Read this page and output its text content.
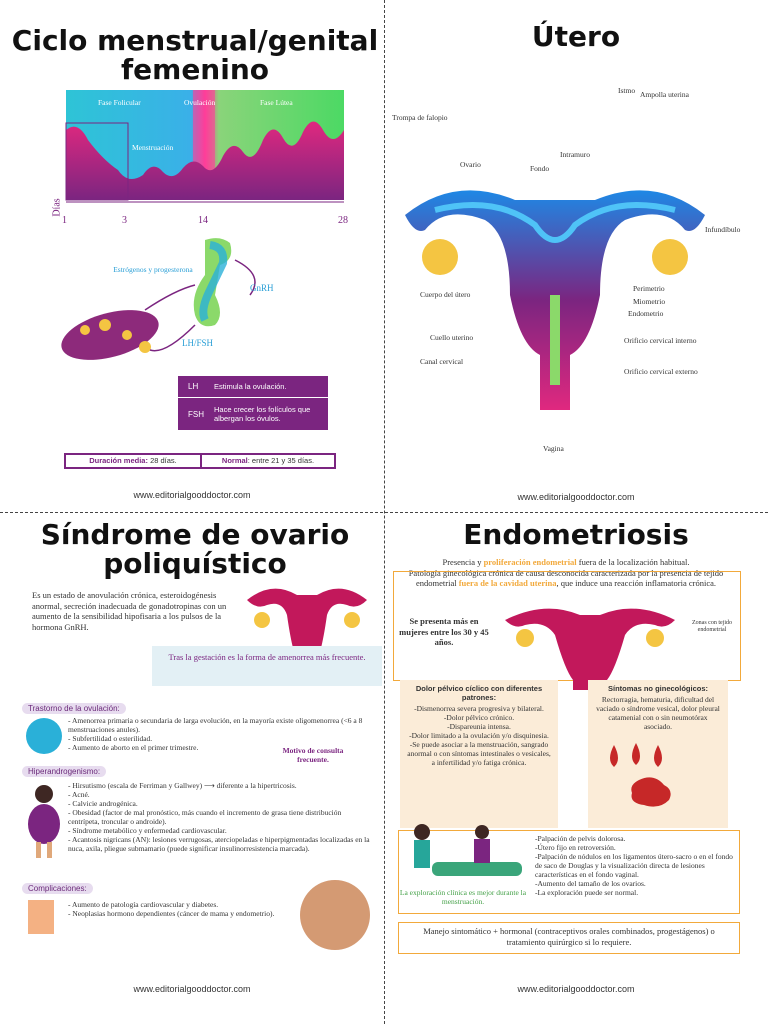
Ciclo menstrual/genital femenino
Fase Folicular	Ovulación	Fase Lútea
Menstruación
Días
1	3	14	28
Estrógenos y progesterona
GnRH
LH/FSH
LH	Estimula la ovulación.
FSH	Hace crecer los folículos que albergan los óvulos.
Duración media: 28 días.	Normal: entre 21 y 35 días.
www.editorialgooddoctor.com
Útero
Trompa de falopio
Istmo Ampolla uterina
Intramuro
Ovario	Fondo
Infundíbulo
Cuerpo del útero
Perimetrio
Miometrio
Endometrio
Cuello uterino	Orificio cervical interno
Canal cervical
Orificio cervical externo
Vagina
www.editorialgooddoctor.com
Síndrome de ovario poliquístico
Es un estado de anovulación crónica, esteroidogénesis anormal, secreción inadecuada de gonadotropinas con un aumento de la sensibilidad hipofisaria a los pulsos de la hormona GnRH.
Tras la gestación es la forma de amenorrea más frecuente.
Trastorno de la ovulación:
- Amenorrea primaria o secundaria de larga evolución, en la mayoría existe oligomenorrea (<6 a 8 menstruaciones anules).
- Subfertilidad o esterilidad.
- Aumento de aborto en el primer trimestre.	Motivo de consulta frecuente.
Hiperandrogenismo:
- Hirsutismo (escala de Ferriman y Gallwey) ⟶ diferente a la hipertricosis.
- Acné.
- Calvicie androgénica.
- Obesidad (factor de mal pronóstico, más cuando el incremento de grasa tiene distribución centrípeta, troncular o androide).
- Síndrome metabólico y enfermedad cardiovascular.
- Acantosis nigricans (AN): lesiones verrugosas, aterciopeladas e hiperpigmentadas localizadas en la nuca, axila, pliegue submamario (puede significar insulinorresistencia marcada).
Complicaciones:
- Aumento de patología cardiovascular y diabetes.
- Neoplasias hormono dependientes (cáncer de mama y endometrio).
www.editorialgooddoctor.com
Endometriosis
Presencia y proliferación endometrial fuera de la localización habitual.
Patología ginecológica crónica de causa desconocida caracterizada por la presencia de tejido endometrial fuera de la cavidad uterina, que induce una reacción inflamatoria crónica.
Se presenta más en mujeres entre los 30 y 45 años.
Zonas con tejido endometrial
Dolor pélvico cíclico con diferentes patrones:
-Dismenorrea severa progresiva y bilateral.
-Dolor pélvico crónico.
-Dispareunia intensa.
-Dolor limitado a la ovulación y/o disquinesia.
-Se puede asociar a la menstruación, sangrado anormal o con síntomas intestinales o vesicales, a infertilidad y/o fatiga crónica.
Síntomas no ginecológicos:
Rectorragia, hematuria, dificultad del vaciado o síndrome vesical, dolor pleural catamenial con o sin neumotórax asociado.
La exploración clínica es mejor durante la menstruación.
-Palpación de pelvis dolorosa.
-Útero fijo en retroversión.
-Palpación de nódulos en los ligamentos útero-sacro o en el fondo de saco de Douglas y la visualización directa de lesiones características en el fondo vaginal.
-Aumento del tamaño de los ovarios.
-La exploración puede ser normal.
Manejo sintomático + hormonal (contraceptivos orales combinados, progestágenos) o tratamiento quirúrgico si lo requiere.
www.editorialgooddoctor.com
